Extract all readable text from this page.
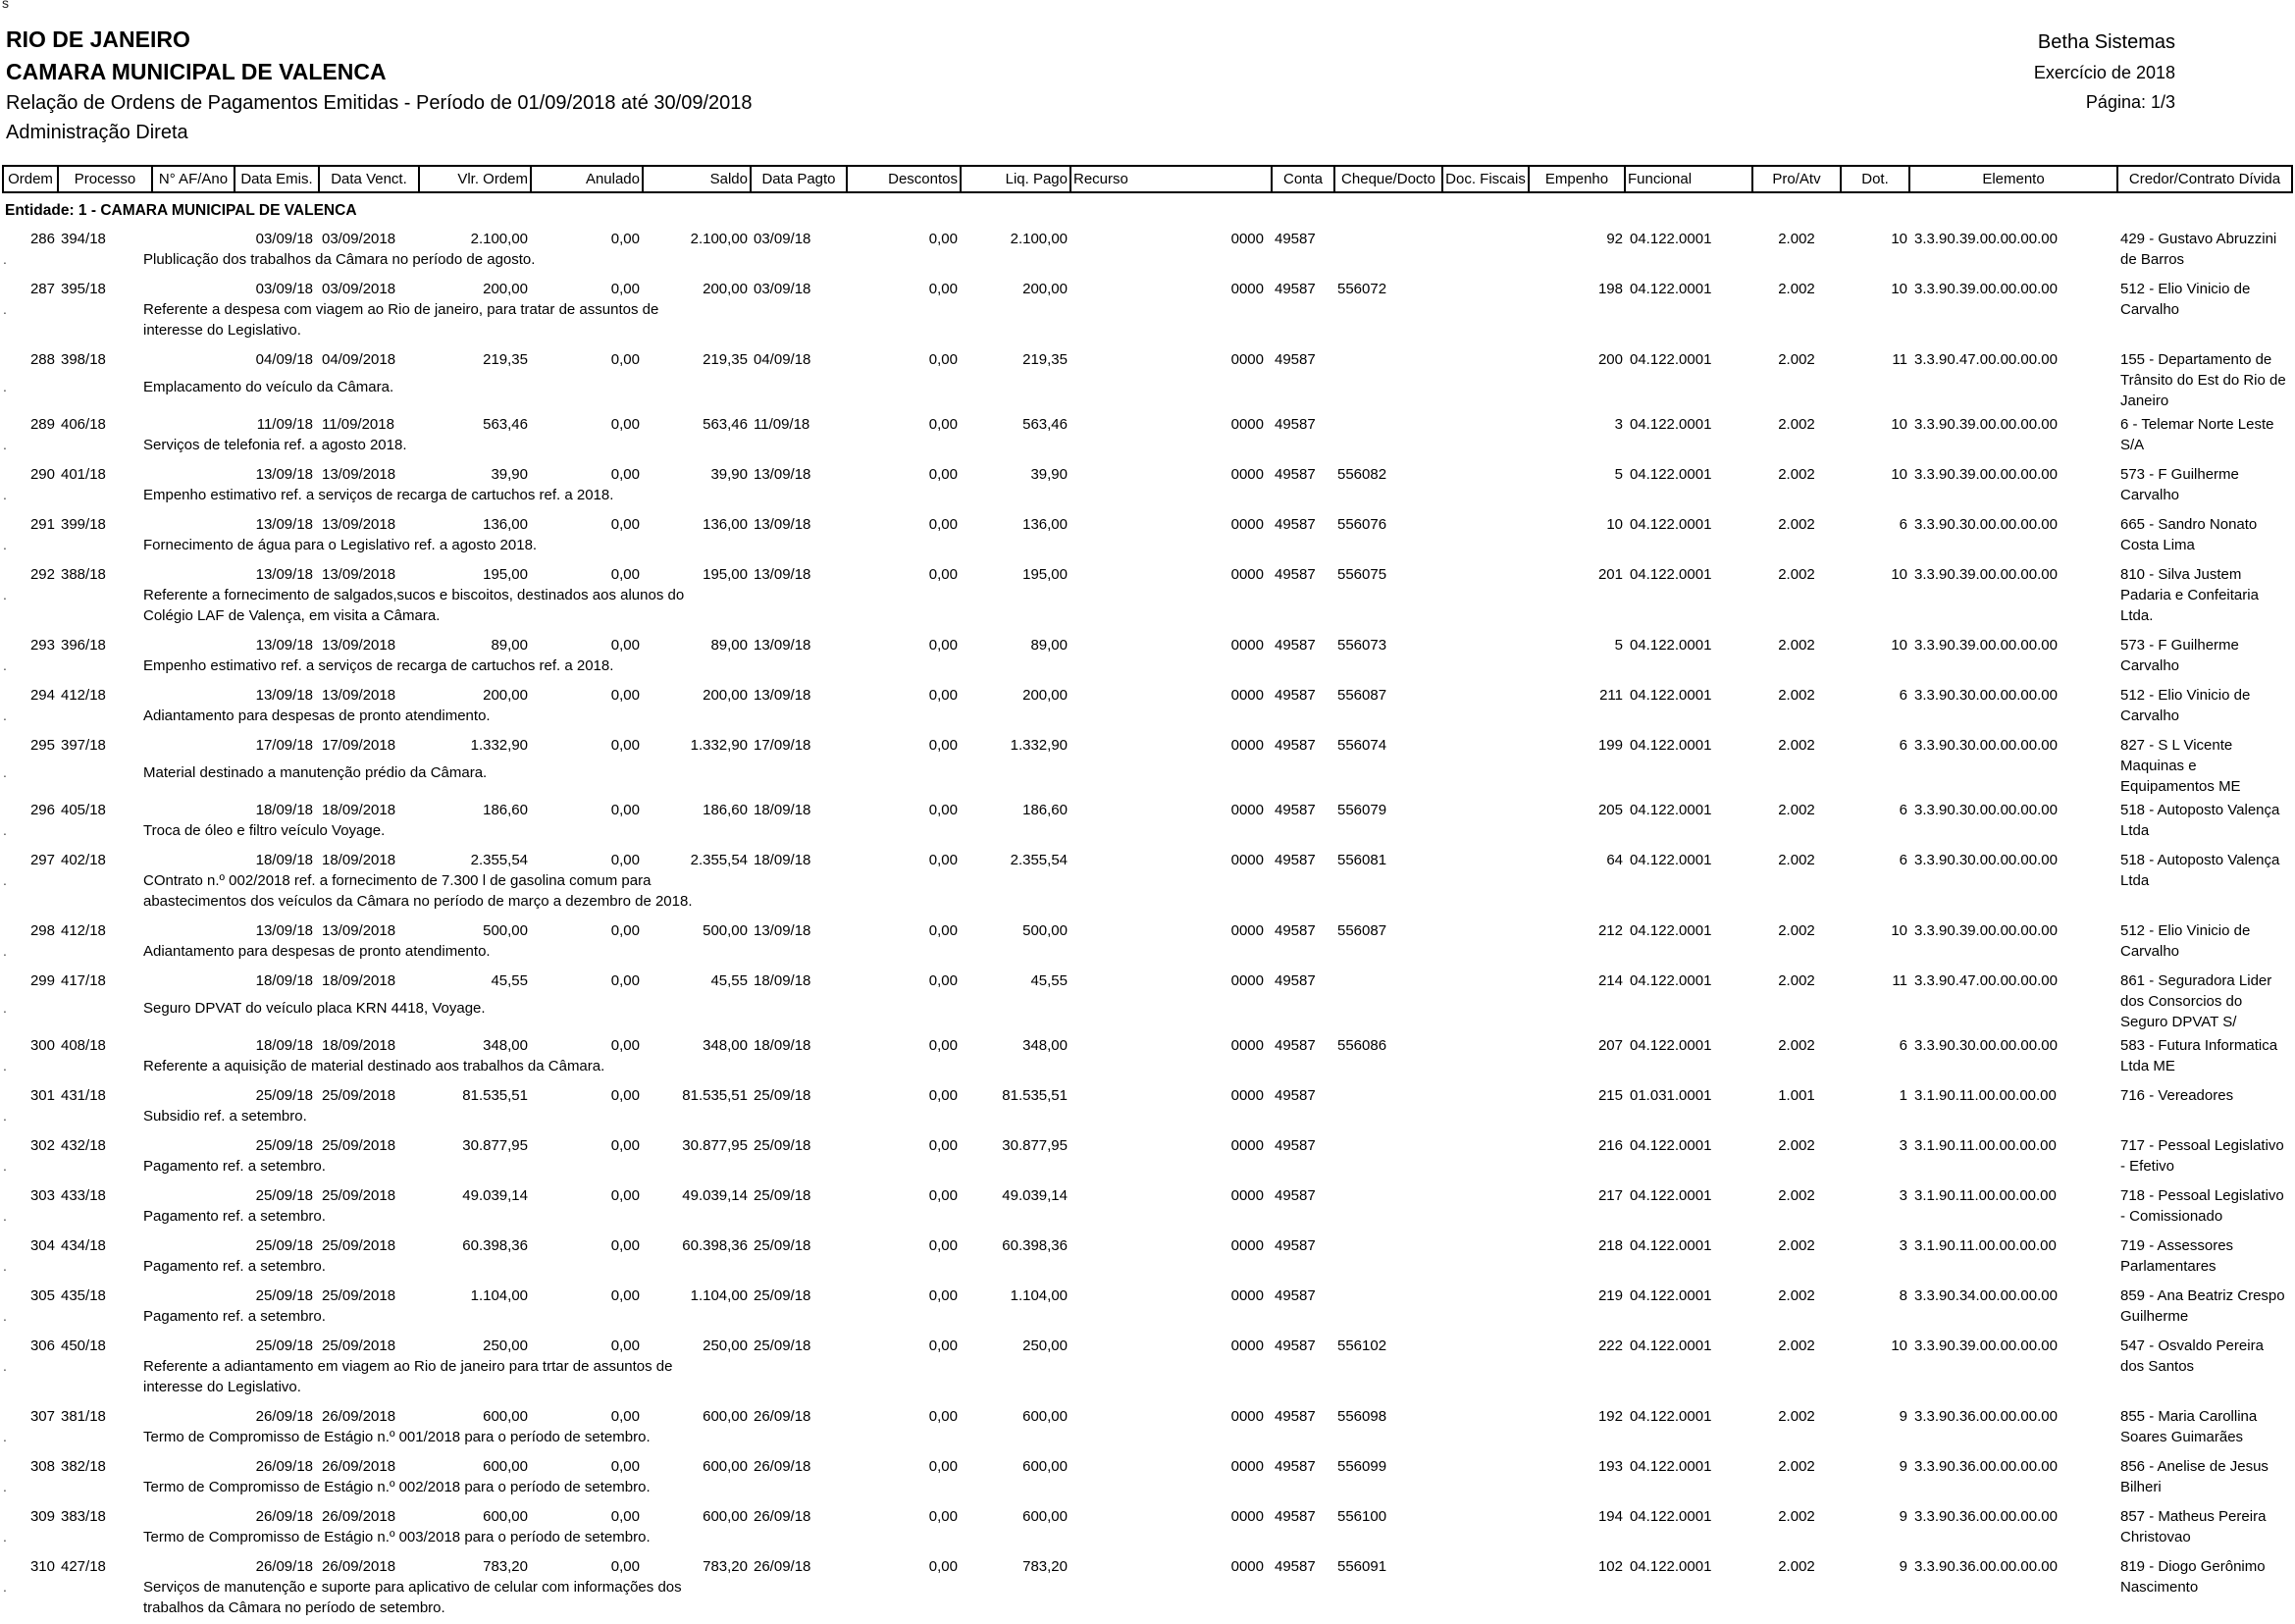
s
RIO DE JANEIRO
CAMARA MUNICIPAL DE VALENCA
Relação de Ordens de Pagamentos Emitidas - Período de 01/09/2018 até 30/09/2018
Administração Direta
Betha Sistemas
Exercício de 2018
Página: 1/3
Ordem	Processo	N° AF/Ano	Data Emis.	Data Venct.	Vlr. Ordem	Anulado	Saldo	Data Pagto	Descontos	Liq. Pago	Recurso	Conta	Cheque/Docto	Doc. Fiscais	Empenho	Funcional	Pro/Atv	Dot.	Elemento	Credor/Contrato Dívida
Entidade: 1 - CAMARA MUNICIPAL DE VALENCA																				
286	394/18		03/09/18	03/09/2018	2.100,00	0,00	2.100,00	03/09/18	0,00	2.100,00	0000	49587			92	04.122.0001	2.002	10	3.3.90.39.00.00.00.00	429 - Gustavo Abruzzini de Barros
.		Plublicação dos trabalhos da Câmara no período de agosto.																		

287	395/18		03/09/18	03/09/2018	200,00	0,00	200,00	03/09/18	0,00	200,00	0000	49587	556072		198	04.122.0001	2.002	10	3.3.90.39.00.00.00.00	512 - Elio Vinicio de Carvalho
.		Referente a despesa com viagem ao Rio de janeiro, para tratar de assuntos de interesse do Legislativo.																		

288	398/18		04/09/18	04/09/2018	219,35	0,00	219,35	04/09/18	0,00	219,35	0000	49587			200	04.122.0001	2.002	11	3.3.90.47.00.00.00.00	155 - Departamento de Trânsito do Est do Rio de Janeiro
.		Emplacamento do veículo da Câmara.																		

289	406/18		11/09/18	11/09/2018	563,46	0,00	563,46	11/09/18	0,00	563,46	0000	49587			3	04.122.0001	2.002	10	3.3.90.39.00.00.00.00	6 - Telemar Norte Leste S/A
.		Serviços de telefonia ref. a agosto 2018.																		

290	401/18		13/09/18	13/09/2018	39,90	0,00	39,90	13/09/18	0,00	39,90	0000	49587	556082		5	04.122.0001	2.002	10	3.3.90.39.00.00.00.00	573 - F Guilherme Carvalho
.		Empenho estimativo ref. a serviços de recarga de cartuchos ref. a 2018.																		

291	399/18		13/09/18	13/09/2018	136,00	0,00	136,00	13/09/18	0,00	136,00	0000	49587	556076		10	04.122.0001	2.002	6	3.3.90.30.00.00.00.00	665 - Sandro Nonato Costa Lima
.		Fornecimento de água para o Legislativo ref. a agosto 2018.																		

292	388/18		13/09/18	13/09/2018	195,00	0,00	195,00	13/09/18	0,00	195,00	0000	49587	556075		201	04.122.0001	2.002	10	3.3.90.39.00.00.00.00	810 - Silva Justem Padaria e Confeitaria Ltda.
.		Referente a fornecimento de salgados,sucos e biscoitos, destinados aos alunos do Colégio LAF de Valença, em visita a Câmara.																		

293	396/18		13/09/18	13/09/2018	89,00	0,00	89,00	13/09/18	0,00	89,00	0000	49587	556073		5	04.122.0001	2.002	10	3.3.90.39.00.00.00.00	573 - F Guilherme Carvalho
.		Empenho estimativo ref. a serviços de recarga de cartuchos ref. a 2018.																		

294	412/18		13/09/18	13/09/2018	200,00	0,00	200,00	13/09/18	0,00	200,00	0000	49587	556087		211	04.122.0001	2.002	6	3.3.90.30.00.00.00.00	512 - Elio Vinicio de Carvalho
.		Adiantamento para despesas de pronto atendimento.																		

295	397/18		17/09/18	17/09/2018	1.332,90	0,00	1.332,90	17/09/18	0,00	1.332,90	0000	49587	556074		199	04.122.0001	2.002	6	3.3.90.30.00.00.00.00	827 - S L Vicente Maquinas e Equipamentos ME
.		Material destinado a manutenção prédio da Câmara.																		

296	405/18		18/09/18	18/09/2018	186,60	0,00	186,60	18/09/18	0,00	186,60	0000	49587	556079		205	04.122.0001	2.002	6	3.3.90.30.00.00.00.00	518 - Autoposto Valença Ltda
.		Troca de óleo e filtro veículo Voyage.																		

297	402/18		18/09/18	18/09/2018	2.355,54	0,00	2.355,54	18/09/18	0,00	2.355,54	0000	49587	556081		64	04.122.0001	2.002	6	3.3.90.30.00.00.00.00	518 - Autoposto Valença Ltda
.		COntrato n.º 002/2018 ref. a fornecimento de 7.300 l de gasolina comum para abastecimentos dos veículos da Câmara no período de março a dezembro de 2018.																		

298	412/18		13/09/18	13/09/2018	500,00	0,00	500,00	13/09/18	0,00	500,00	0000	49587	556087		212	04.122.0001	2.002	10	3.3.90.39.00.00.00.00	512 - Elio Vinicio de Carvalho
.		Adiantamento para despesas de pronto atendimento.																		

299	417/18		18/09/18	18/09/2018	45,55	0,00	45,55	18/09/18	0,00	45,55	0000	49587			214	04.122.0001	2.002	11	3.3.90.47.00.00.00.00	861 - Seguradora Lider dos Consorcios do Seguro DPVAT S/
.		Seguro DPVAT do veículo placa KRN 4418, Voyage.																		

300	408/18		18/09/18	18/09/2018	348,00	0,00	348,00	18/09/18	0,00	348,00	0000	49587	556086		207	04.122.0001	2.002	6	3.3.90.30.00.00.00.00	583 - Futura Informatica Ltda ME
.		Referente a aquisição de material destinado aos trabalhos da Câmara.																		

301	431/18		25/09/18	25/09/2018	81.535,51	0,00	81.535,51	25/09/18	0,00	81.535,51	0000	49587			215	01.031.0001	1.001	1	3.1.90.11.00.00.00.00	716 - Vereadores
.		Subsidio ref. a setembro.																		

302	432/18		25/09/18	25/09/2018	30.877,95	0,00	30.877,95	25/09/18	0,00	30.877,95	0000	49587			216	04.122.0001	2.002	3	3.1.90.11.00.00.00.00	717 - Pessoal Legislativo - Efetivo
.		Pagamento ref. a setembro.																		

303	433/18		25/09/18	25/09/2018	49.039,14	0,00	49.039,14	25/09/18	0,00	49.039,14	0000	49587			217	04.122.0001	2.002	3	3.1.90.11.00.00.00.00	718 - Pessoal Legislativo - Comissionado
.		Pagamento ref. a setembro.																		

304	434/18		25/09/18	25/09/2018	60.398,36	0,00	60.398,36	25/09/18	0,00	60.398,36	0000	49587			218	04.122.0001	2.002	3	3.1.90.11.00.00.00.00	719 - Assessores Parlamentares
.		Pagamento ref. a setembro.																		

305	435/18		25/09/18	25/09/2018	1.104,00	0,00	1.104,00	25/09/18	0,00	1.104,00	0000	49587			219	04.122.0001	2.002	8	3.3.90.34.00.00.00.00	859 - Ana Beatriz Crespo Guilherme
.		Pagamento ref. a setembro.																		

306	450/18		25/09/18	25/09/2018	250,00	0,00	250,00	25/09/18	0,00	250,00	0000	49587	556102		222	04.122.0001	2.002	10	3.3.90.39.00.00.00.00	547 - Osvaldo Pereira dos Santos
.		Referente a adiantamento em viagem ao Rio de janeiro para trtar de assuntos de interesse do Legislativo.																		

307	381/18		26/09/18	26/09/2018	600,00	0,00	600,00	26/09/18	0,00	600,00	0000	49587	556098		192	04.122.0001	2.002	9	3.3.90.36.00.00.00.00	855 - Maria Carollina Soares Guimarães
.		Termo de Compromisso de Estágio n.º 001/2018 para o período de setembro.																		

308	382/18		26/09/18	26/09/2018	600,00	0,00	600,00	26/09/18	0,00	600,00	0000	49587	556099		193	04.122.0001	2.002	9	3.3.90.36.00.00.00.00	856 - Anelise de Jesus Bilheri
.		Termo de Compromisso de Estágio n.º 002/2018 para o período de setembro.																		

309	383/18		26/09/18	26/09/2018	600,00	0,00	600,00	26/09/18	0,00	600,00	0000	49587	556100		194	04.122.0001	2.002	9	3.3.90.36.00.00.00.00	857 - Matheus Pereira Christovao
.		Termo de Compromisso de Estágio n.º 003/2018 para o período de setembro.																		

310	427/18		26/09/18	26/09/2018	783,20	0,00	783,20	26/09/18	0,00	783,20	0000	49587	556091		102	04.122.0001	2.002	9	3.3.90.36.00.00.00.00	819 - Diogo Gerônimo Nascimento
.		Serviços de manutenção e suporte para aplicativo de celular com informações dos trabalhos da Câmara no período de setembro.																		
